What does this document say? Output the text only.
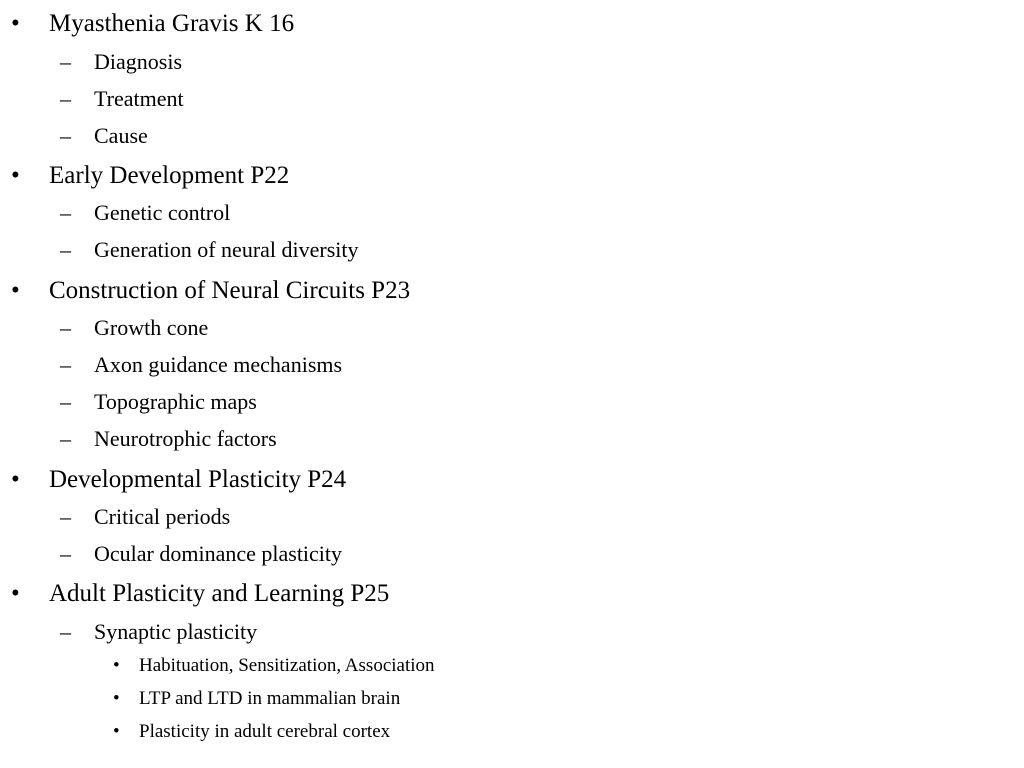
• Myasthenia Gravis K 16
– Diagnosis
– Treatment
– Cause
• Early Development P22
– Genetic control
– Generation of neural diversity
• Construction of Neural Circuits P23
– Growth cone
– Axon guidance mechanisms
– Topographic maps
– Neurotrophic factors
• Developmental Plasticity P24
– Critical periods
– Ocular dominance plasticity
• Adult Plasticity and Learning P25
– Synaptic plasticity
• Habituation, Sensitization, Association
• LTP and LTD in mammalian brain
• Plasticity in adult cerebral cortex
